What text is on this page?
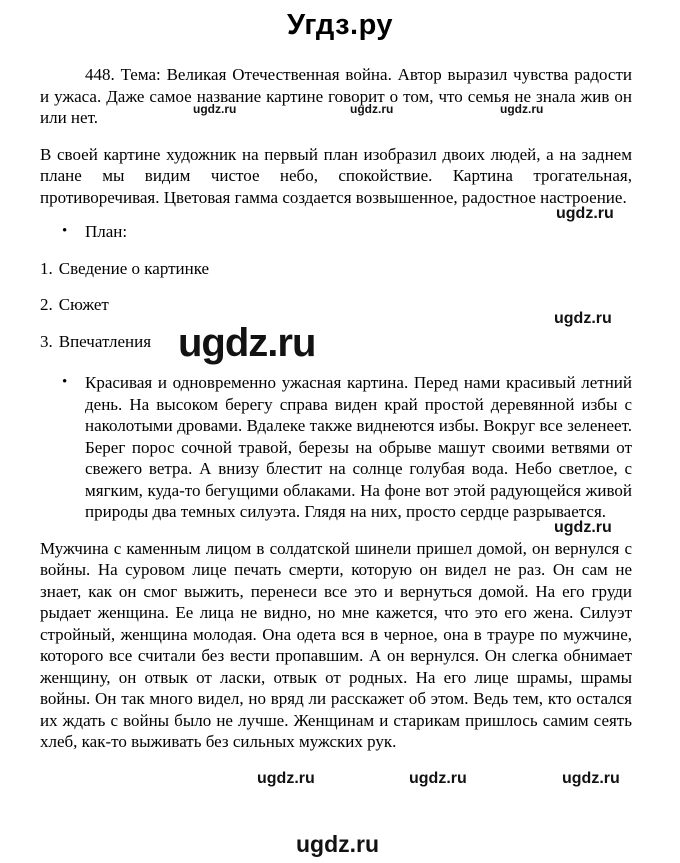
Угдз.ру

448. Тема: Великая Отечественная война. Автор выразил чувства радости и ужаса. Даже самое название картине говорит о том, что семья не знала жив он или нет.

В своей картине художник на первый план изобразил двоих людей, а на заднем плане мы видим чистое небо, спокойствие. Картина трогательная, противоречивая. Цветовая гамма создается возвышенное, радостное настроение.

•	План:
1. Сведение о картинке
2. Сюжет
3. Впечатления
•	Красивая и одновременно ужасная картина. Перед нами красивый летний день. На высоком берегу справа виден край простой деревянной избы с наколотыми дровами. Вдалеке также виднеются избы. Вокруг все зеленеет. Берег порос сочной травой, березы на обрыве машут своими ветвями от свежего ветра. А внизу блестит на солнце голубая вода. Небо светлое, с мягким, куда-то бегущими облаками. На фоне вот этой радующейся живой природы два темных силуэта. Глядя на них, просто сердце разрывается.

Мужчина с каменным лицом в солдатской шинели пришел домой, он вернулся с войны. На суровом лице печать смерти, которую он видел не раз. Он сам не знает, как он смог выжить, перенеси все это и вернуться домой. На его груди рыдает женщина. Ее лица не видно, но мне кажется, что это его жена. Силуэт стройный, женщина молодая. Она одета вся в черное, она в трауре по мужчине, которого все считали без вести пропавшим. А он вернулся. Он слегка обнимает женщину, он отвык от ласки, отвык от родных. На его лице шрамы, шрамы войны. Он так много видел, но вряд ли расскажет об этом. Ведь тем, кто остался их ждать с войны было не лучше. Женщинам и старикам пришлось самим сеять хлеб, как-то выживать без сильных мужских рук.

ugdz.ru	ugdz.ru	ugdz.ru
ugdz.ru
ugdz.ru
ugdz.ru
ugdz.ru
ugdz.ru	ugdz.ru	ugdz.ru
ugdz.ru
